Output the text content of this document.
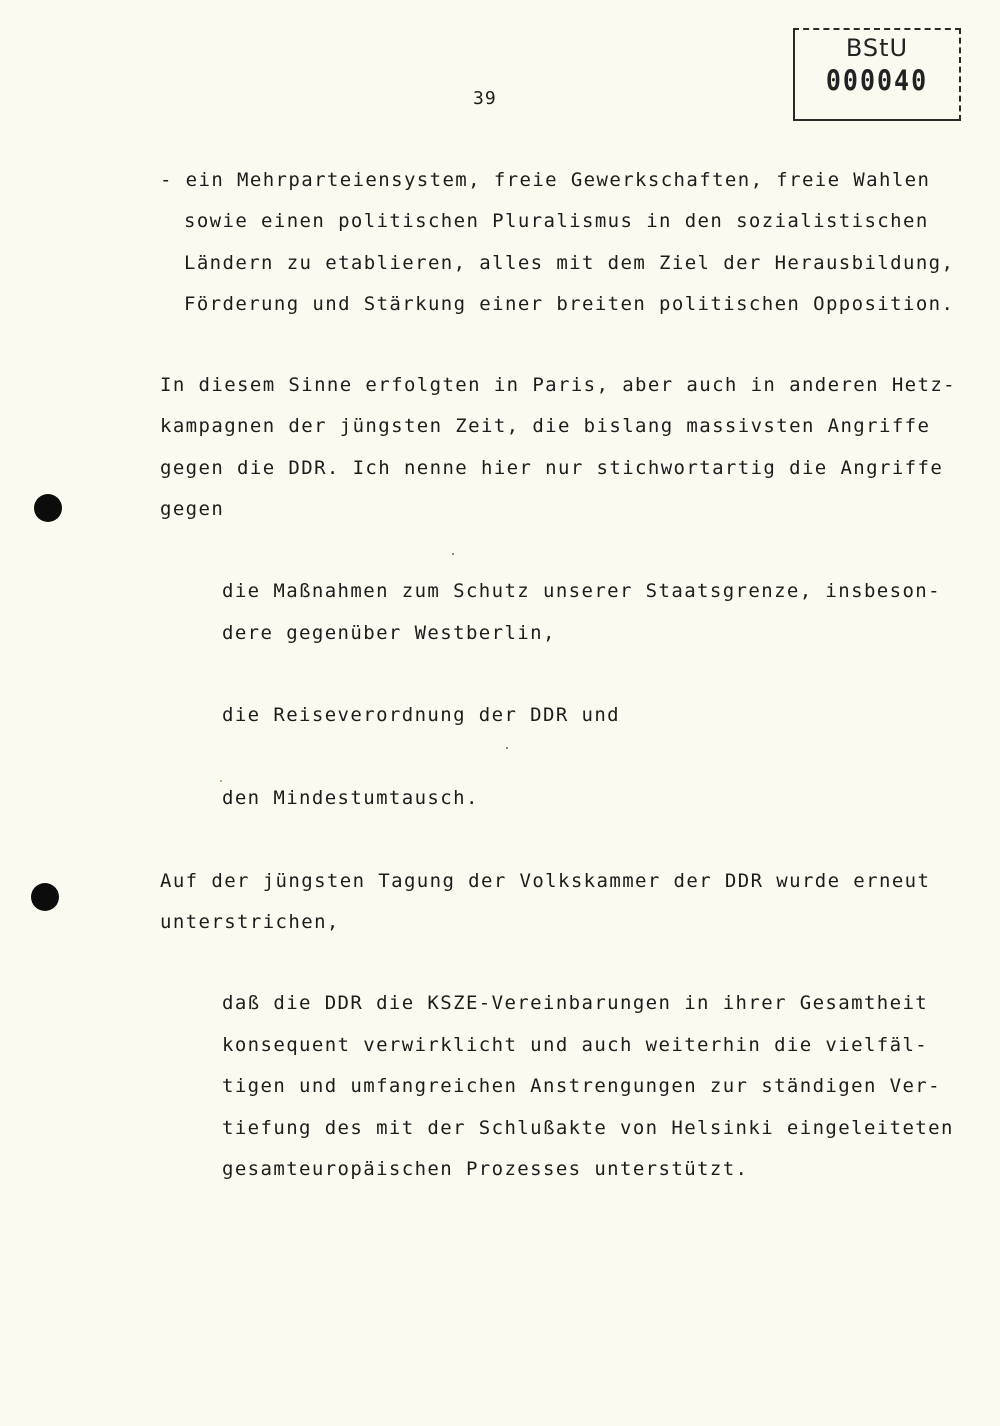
BStU
000040
39
- ein Mehrparteiensystem, freie Gewerkschaften, freie Wahlen
sowie einen politischen Pluralismus in den sozialistischen
Ländern zu etablieren, alles mit dem Ziel der Herausbildung,
Förderung und Stärkung einer breiten politischen Opposition.
In diesem Sinne erfolgten in Paris, aber auch in anderen Hetz-
kampagnen der jüngsten Zeit, die bislang massivsten Angriffe
gegen die DDR. Ich nenne hier nur stichwortartig die Angriffe
gegen
die Maßnahmen zum Schutz unserer Staatsgrenze, insbeson-
dere gegenüber Westberlin,
die Reiseverordnung der DDR und
den Mindestumtausch.
Auf der jüngsten Tagung der Volkskammer der DDR wurde erneut
unterstrichen,
daß die DDR die KSZE-Vereinbarungen in ihrer Gesamtheit
konsequent verwirklicht und auch weiterhin die vielfäl-
tigen und umfangreichen Anstrengungen zur ständigen Ver-
tiefung des mit der Schlußakte von Helsinki eingeleiteten
gesamteuropäischen Prozesses unterstützt.
